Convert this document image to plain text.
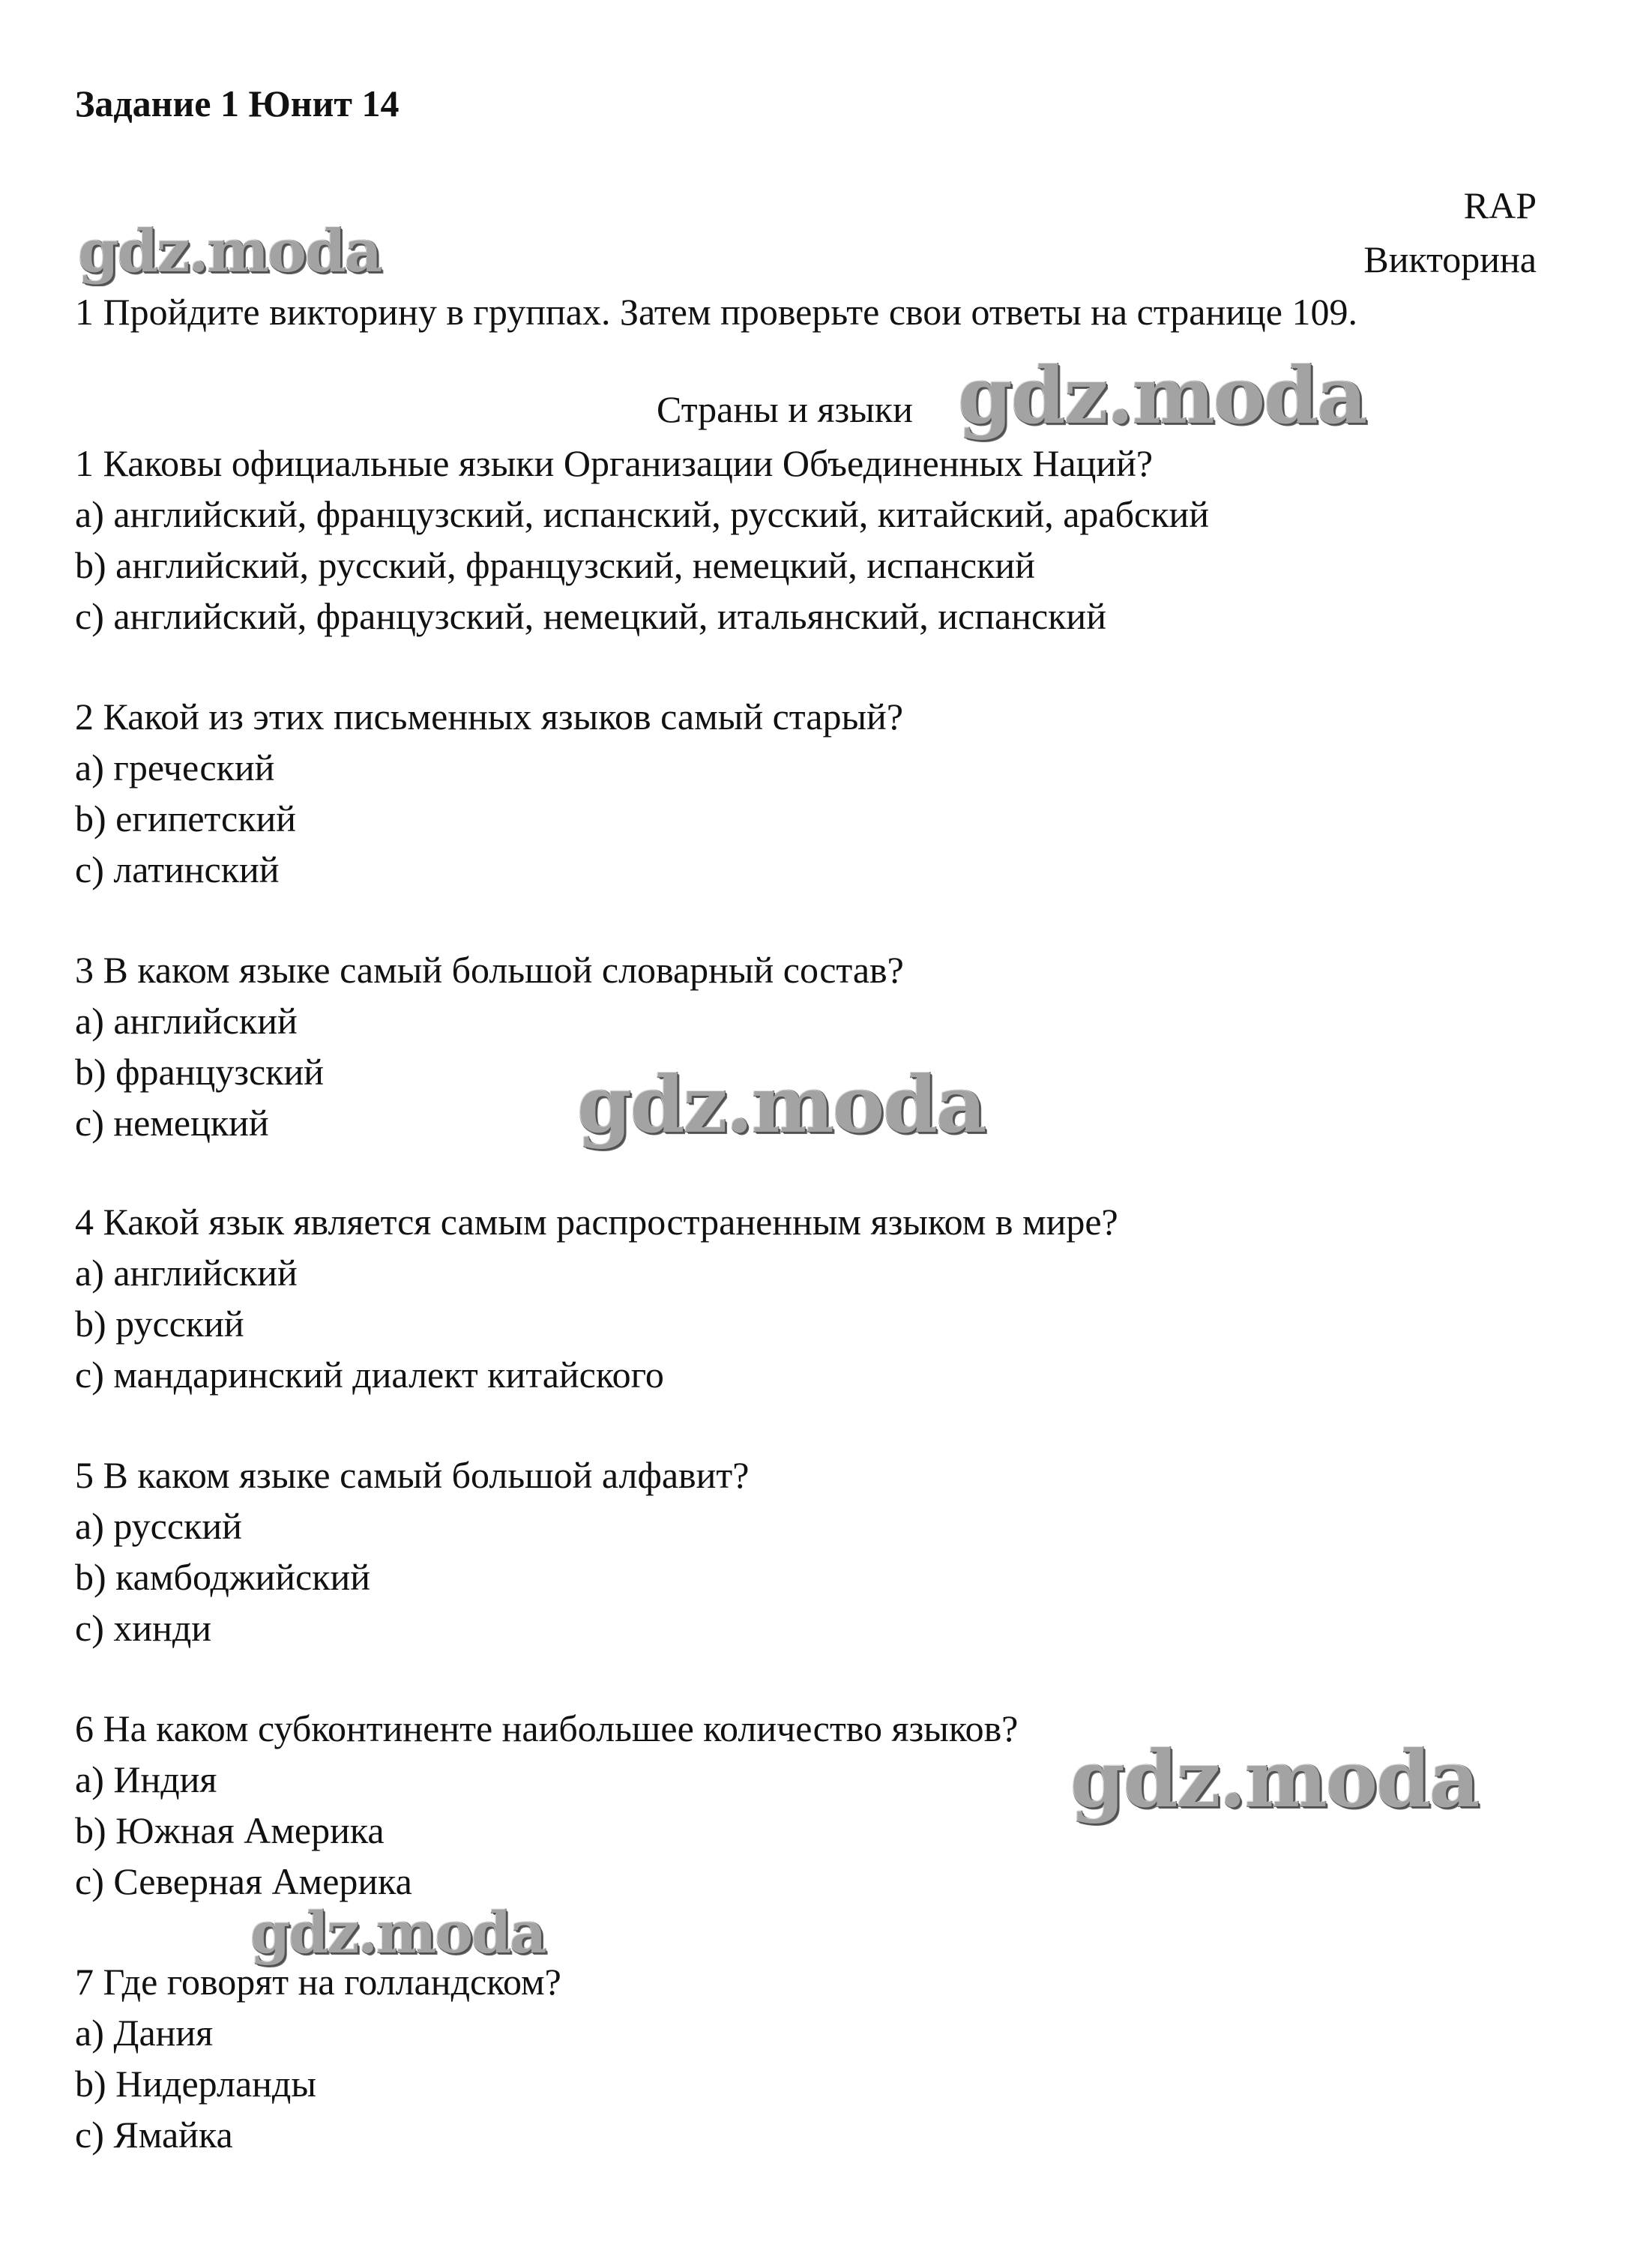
Задание 1 Юнит 14
RAP
Викторина
1 Пройдите викторину в группах. Затем проверьте свои ответы на странице 109.
Страны и языки
1 Каковы официальные языки Организации Объединенных Наций?
a) английский, французский, испанский, русский, китайский, арабский
b) английский, русский, французский, немецкий, испанский
c) английский, французский, немецкий, итальянский, испанский
2 Какой из этих письменных языков самый старый?
a) греческий
b) египетский
c) латинский
3 В каком языке самый большой словарный состав?
a) английский
b) французский
c) немецкий
4 Какой язык является самым распространенным языком в мире?
a) английский
b) русский
c) мандаринский диалект китайского
5 В каком языке самый большой алфавит?
a) русский
b) камбоджийский
c) хинди
6 На каком субконтиненте наибольшее количество языков?
a) Индия
b) Южная Америка
c) Северная Америка
7 Где говорят на голландском?
a) Дания
b) Нидерланды
c) Ямайка
gdz.moda
gdz.moda
gdz.moda
gdz.moda
gdz.moda
